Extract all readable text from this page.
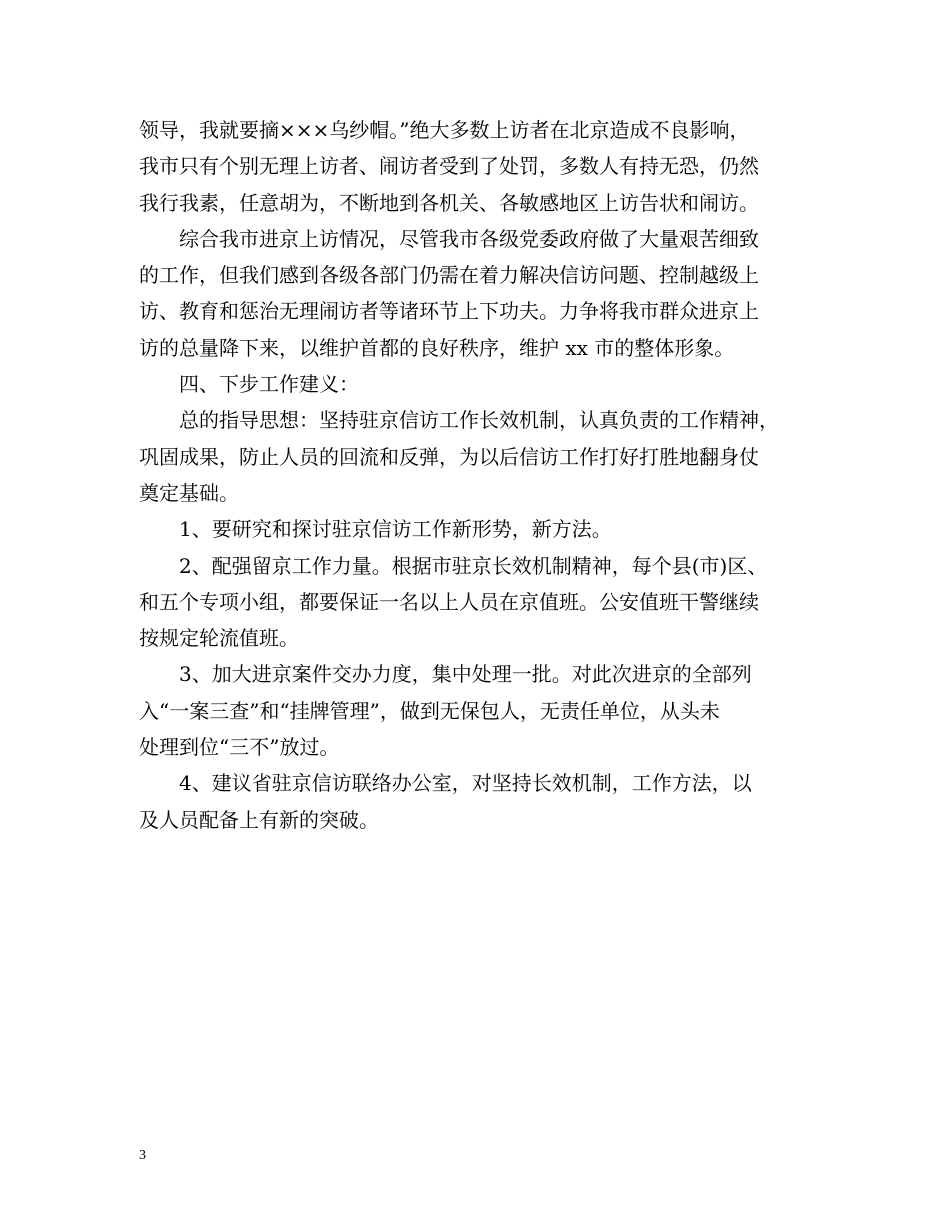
领导，我就要摘×××乌纱帽。”绝大多数上访者在北京造成不良影响，
我市只有个别无理上访者、闹访者受到了处罚，多数人有持无恐，仍然
我行我素，任意胡为，不断地到各机关、各敏感地区上访告状和闹访。
综合我市进京上访情况，尽管我市各级党委政府做了大量艰苦细致
的工作，但我们感到各级各部门仍需在着力解决信访问题、控制越级上
访、教育和惩治无理闹访者等诸环节上下功夫。力争将我市群众进京上
访的总量降下来，以维护首都的良好秩序，维护 xx 市的整体形象。
四、下步工作建义：
总的指导思想：坚持驻京信访工作长效机制，认真负责的工作精神，
巩固成果，防止人员的回流和反弹，为以后信访工作打好打胜地翻身仗
奠定基础。
1、要研究和探讨驻京信访工作新形势，新方法。
2、配强留京工作力量。根据市驻京长效机制精神，每个县(市)区、
和五个专项小组，都要保证一名以上人员在京值班。公安值班干警继续
按规定轮流值班。
3、加大进京案件交办力度，集中处理一批。对此次进京的全部列
入“一案三查”和“挂牌管理”，做到无保包人，无责任单位，从头未
处理到位“三不”放过。
4、建议省驻京信访联络办公室，对坚持长效机制，工作方法，以
及人员配备上有新的突破。
3
